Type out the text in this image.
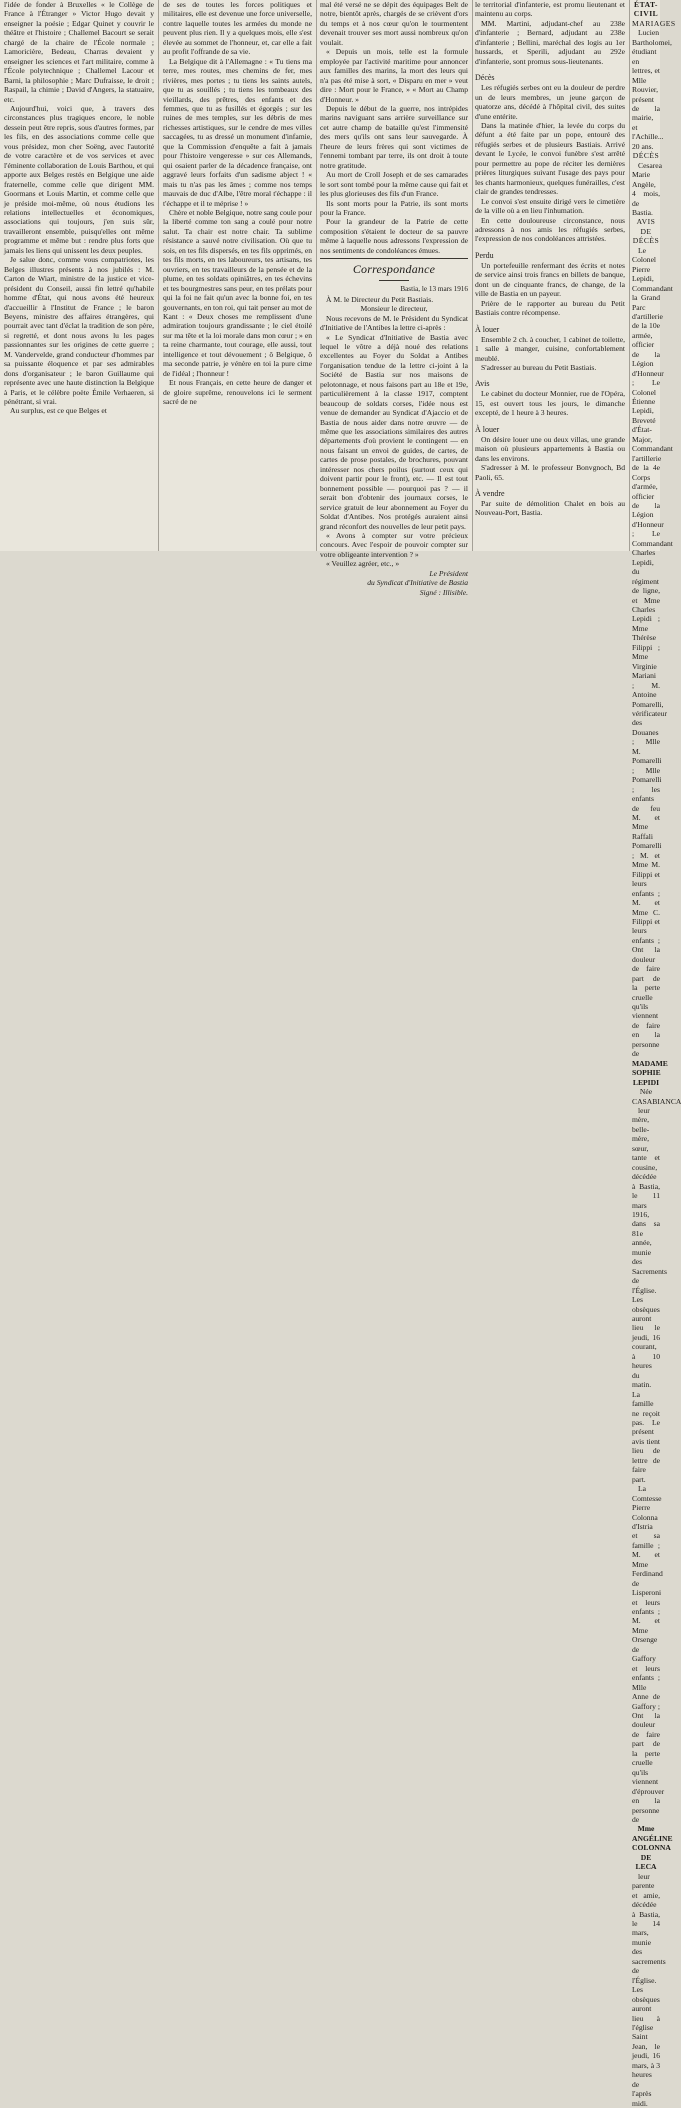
l'idée de fonder à Bruxelles « le Collège de France à l'Étranger » Victor Hugo devait y enseigner la poésie ; Edgar Quinet y couvrir le théâtre et l'histoire ; Challemel Bacourt se serait chargé de la chaire de l'École normale ; Lamoricière, Bedeau, Charras devaient y enseigner les sciences et l'art militaire, comme à l'École polytechnique ; Challemel Lacour et Barni, la philosophie ; Marc Dufraisse, le droit ; Raspail, la chimie ; David d'Angers, la statuaire, etc.

Aujourd'hui, voici que, à travers des circonstances plus tragiques encore, le noble dessein peut être repris, sous d'autres formes, par les fils, en des associations comme celle que vous présidez, mon cher Soëng, avec l'autorité de votre caractère et de vos services et avec l'éminente collaboration de Louis Barthou, et qui apporte aux Belges restés en Belgique une aide fraternelle, comme celle que dirigent MM. Goormans et Louis Martin, et comme celle que je préside moi-même, où nous étudions les relations intellectuelles et économiques, associations qui toujours, j'en suis sûr, travailleront ensemble, puisqu'elles ont même programme et même but : rendre plus forts que jamais les liens qui unissent les deux peuples.

Je salue donc, comme vous compatriotes, les Belges illustres présents à nos jubilés : M. Carton de Wiart, ministre de la justice et vice-président du Conseil, aussi fin lettré qu'habile homme d'État, qui nous avons été heureux d'accueillir à l'Institut de France ; le baron Beyens, ministre des affaires étrangères, qui pourrait avec tant d'éclat la tradition de son père, si regretté, et dont nous avons lu les pages passionnantes sur les origines de cette guerre ; M. Vandervelde, grand conducteur d'hommes par sa puissante éloquence et par ses admirables dons d'organisateur ; le baron Guillaume qui représente avec une haute distinction la Belgique à Paris, et le célèbre poète Émile Verhaeren, si pénétrant, si vrai.

Au surplus, est ce que Belges et

de ses de toutes les forces politiques et militaires, elle est devenue une force universelle, contre laquelle toutes les armées du monde ne peuvent plus rien. Il y a quelques mois, elle s'est élevée au sommet de l'honneur, et, car elle a fait au profit l'offrande de sa vie.

La Belgique dit à l'Allemagne : « Tu tiens ma terre, mes routes, mes chemins de fer, mes rivières, mes portes ; tu tiens les saints autels, que tu as souillés ; tu tiens les tombeaux des vieillards, des prêtres, des enfants et des femmes, que tu as fusillés et égorgés ; sur les ruines de mes temples, sur les débris de mes richesses artistiques, sur le cendre de mes villes saccagées, tu as dressé un monument d'infamie, que la Commission d'enquête a fait à jamais pour l'histoire vengeresse » sur ces Allemands, qui osaient parler de la décadence française, ont aggravé leurs forfaits d'un sadisme abject ! « mais tu n'as pas les âmes ; comme nos temps mauvais de duc d'Albe, l'être moral t'échappe : il t'échappe et il te méprise ! »

Chère et noble Belgique, notre sang coule pour la liberté comme ton sang a coulé pour notre salut. Ta chair est notre chair. Ta sublime résistance a sauvé notre civilisation. Où que tu sois, en tes fils dispersés, en tes fils opprimés, en tes fils morts, en tes laboureurs, tes artisans, tes ouvriers, en tes travailleurs de la pensée et de la plume, en tes soldats opiniâtres, en tes échevins et tes bourgmestres sans peur, en tes prélats pour qui la foi ne fait qu'un avec la bonne foi, en tes gouvernants, en ton roi, qui tait penser au mot de Kant : « Deux choses me remplissent d'une admiration toujours grandissante ; le ciel étoilé sur ma tête et la loi morale dans mon cœur ; » en ta reine charmante, tout courage, elle aussi, tout intelligence et tout dévouement ; ô Belgique, ô ma seconde patrie, je vénère en toi la pure cime de l'idéal ; l'honneur !

Et nous Français, en cette heure de danger et de gloire suprême, renouvelons ici le serment sacré de ne

mal été versé ne se dépit des équipages Belt de notre, bientôt après, chargés de se crièvent d'ors du temps et à nos cœur qu'on le tourmentent devenait trouver ses mort aussi nombreux qu'on voulait.

« Depuis un mois, telle est la formule employée par l'activité maritime pour annoncer aux familles des marins, la mort des leurs qui n'a pas été mise à sort, « Disparu en mer » veut dire : Mort pour le France, » « Mort au Champ d'Honneur. »

Depuis le début de la guerre, nos intrépides marins naviguant sans arrière surveillance sur cet autre champ de bataille qu'est l'immensité des mers qu'ils ont sans leur sauvegarde. À l'heure de leurs frères qui sont victimes de l'ennemi tombant par terre, ils ont droit à toute notre gratitude.

Au mort de Croll Joseph et de ses camarades le sort sont tombé pour la même cause qui fait et les plus glorieuses des fils d'un France.

Ils sont morts pour la Patrie, ils sont morts pour la France.

Pour la grandeur de la Patrie de cette composition s'étaient le docteur de sa pauvre même à laquelle nous adressons l'expression de nos sentiments de condoléances émues.

Correspondance

Bastia, le 13 mars 1916

À M. le Directeur du Petit Bastiais.

Monsieur le directeur,

Nous recevons de M. le Président du Syndicat d'Initiative de l'Antibes la lettre ci-après :

« Le Syndicat d'Initiative de Bastia avec lequel le vôtre a déjà noué des relations excellentes au Foyer du Soldat a Antibes l'organisation tendue de la lettre ci-joint à la Société de Bastia sur nos maisons de pelotonnage, et nous faisons part au 18e et 19e, particulièrement à la classe 1917, comptent beaucoup de soldats corses, l'idée nous est venue de demander au Syndicat d'Ajaccio et de Bastia de nous aider dans notre œuvre — de même que les associations similaires des autres départements d'où provient le contingent — en nous faisant un envoi de guides, de cartes, de cartes de prose postales, de brochures, pouvant intéresser nos chers poilus (surtout ceux qui doivent partir pour le front), etc. — Il est tout bonnement possible — pourquoi pas ? — il serait bon d'obtenir des journaux corses, le service gratuit de leur abonnement au Foyer du Soldat d'Antibes. Nos protégés auraient ainsi grand réconfort des nouvelles de leur petit pays.

« Avons à compter sur votre précieux concours. Avec l'espoir de pouvoir compter sur votre obligeante intervention ? »

« Veuillez agréer, etc., »

Le Président

du Syndicat d'Initiative de Bastia

Signé : Illisible.

le territorial d'infanterie, est promu lieutenant et maintenu au corps.

MM. Martini, adjudant-chef au 238e d'infanterie ; Bernard, adjudant au 238e d'infanterie ; Bellini, maréchal des logis au 1er hussards, et Sperili, adjudant au 292e d'infanterie, sont promus sous-lieutenants.

Décès

Les réfugiés serbes ont eu la douleur de perdre un de leurs membres, un jeune garçon de quatorze ans, décédé à l'hôpital civil, des suites d'une entérite.

Dans la matinée d'hier, la levée du corps du défunt a été faite par un pope, entouré des réfugiés serbes et de plusieurs Bastiais. Arrivé devant le Lycée, le convoi funèbre s'est arrêté pour permettre au pope de réciter les dernières prières liturgiques suivant l'usage des pays pour les chants harmonieux, quelques funérailles, c'est clair de grandes tendresses.

Le convoi s'est ensuite dirigé vers le cimetière de la ville où a en lieu l'inhumation.

En cette douloureuse circonstance, nous adressons à nos amis les réfugiés serbes, l'expression de nos condoléances attristées.

Perdu

Un portefeuille renfermant des écrits et notes de service ainsi trois francs en billets de banque, dont un de cinquante francs, de change, de la ville de Bastia en un payeur.

Prière de le rapporter au bureau du Petit Bastiais contre récompense.

À louer

Ensemble 2 ch. à coucher, 1 cabinet de toilette, 1 salle à manger, cuisine, confortablement meublé.

S'adresser au bureau du Petit Bastiais.

Avis

Le cabinet du docteur Monnier, rue de l'Opéra, 15, est ouvert tous les jours, le dimanche excepté, de 1 heure à 3 heures.

À louer

On désire louer une ou deux villas, une grande maison où plusieurs appartements à Bastia ou dans les environs.

S'adresser à M. le professeur Bonvgnoch, Bd Paoli, 65.

À vendre

Par suite de démolition Chalet en bois au Nouveau-Port, Bastia.

ÉTAT-CIVIL
MARIAGES

Lucien Bartholomei, étudiant en lettres, et Mlle Rouvier, présent de la mairie, et l'Achille... 20 ans.

DÉCÈS

Cesarea Marie Angèle, 4 mois, de Bastia.

AVIS DE DÉCÈS

Le Colonel Pierre Lepidi, Commandant la Grand Parc d'artillerie de la 10e armée, officier de la Légion d'Honneur ; Le Colonel Étienne Lepidi, Breveté d'État-Major, Commandant l'artillerie de la 4e Corps d'armée, officier de la Légion d'Honneur ; Le Commandant Charles Lepidi, du régiment de ligne, et Mme Charles Lepidi ; Mme Thérèse Filippi ; Mme Virginie Mariani ; M. Antoine Pomarelli, vérificateur des Douanes ; Mlle M. Pomarelli ; Mlle Pomarelli ; les enfants de feu M. et Mme Raffali Pomarelli ; M. et Mme M. Filippi et leurs enfants ; M. et Mme C. Filippi et leurs enfants ; Ont la douleur de faire part de la perte cruelle qu'ils viennent de faire en la personne de

MADAME SOPHIE LEPIDI

Née CASABIANCA

leur mère, belle-mère, sœur, tante et cousine, décédée à Bastia, le 11 mars 1916, dans sa 81e année, munie des Sacrements de l'Église. Les obsèques auront lieu le jeudi, 16 courant, à 10 heures du matin. La famille ne reçoit pas. Le présent avis tient lieu de lettre de faire part.

La Comtesse Pierre Colonna d'Istria et sa famille ; M. et Mme Ferdinand de Lisperoni et leurs enfants ; M. et Mme Orsenge de Gaffory et leurs enfants ; Mlle Anne de Gaffory ; Ont la douleur de faire part de la perte cruelle qu'ils viennent d'éprouver en la personne de

Mme ANGÉLINE COLONNA DE LECA

leur parente et amie, décédée à Bastia, le 14 mars, munie des sacrements de l'Église. Les obsèques auront lieu à l'église Saint Jean, le jeudi, 16 mars, à 3 heures de l'après midi.
